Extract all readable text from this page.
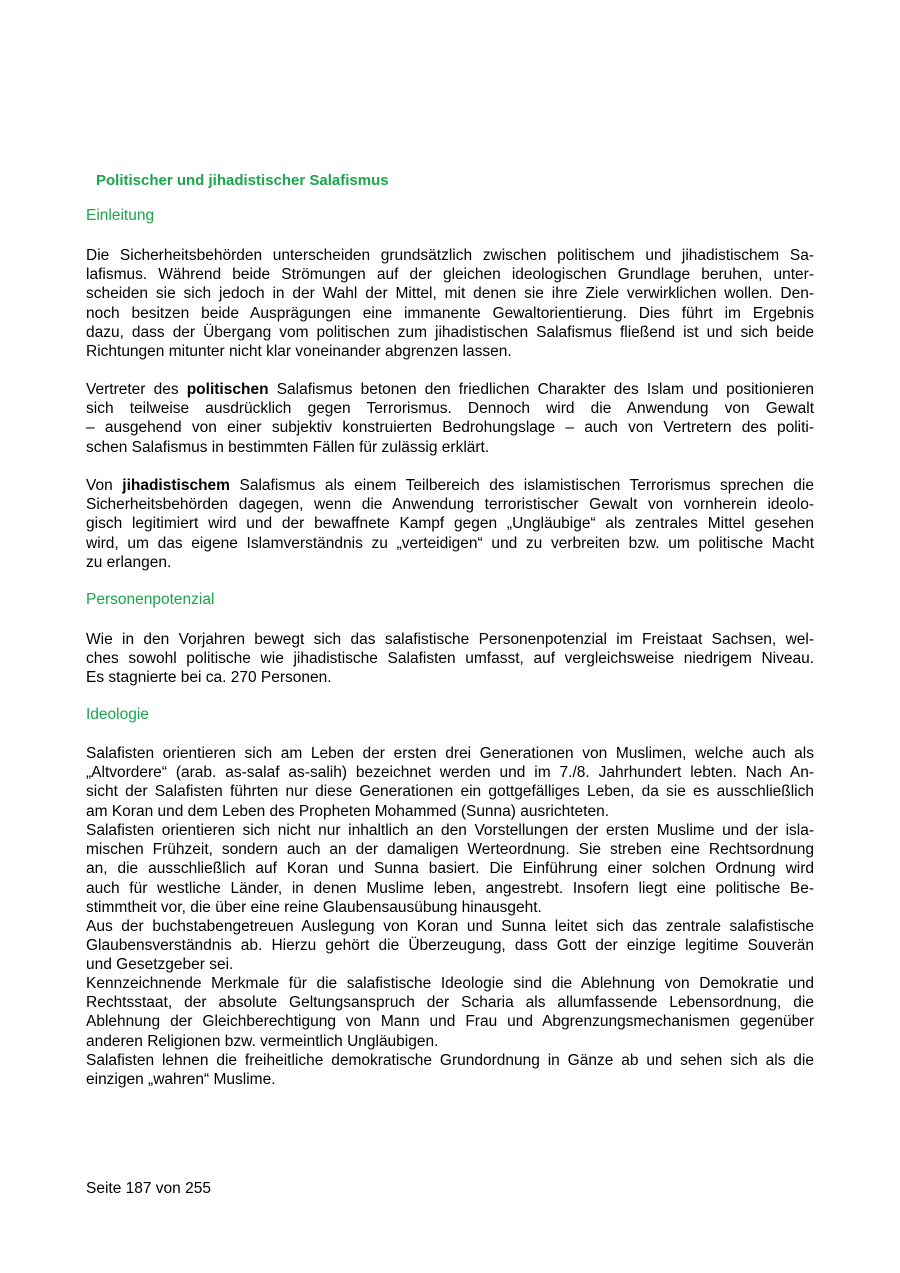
Politischer und jihadistischer Salafismus
Einleitung

Die Sicherheitsbehörden unterscheiden grundsätzlich zwischen politischem und jihadistischem Sa-
lafismus. Während beide Strömungen auf der gleichen ideologischen Grundlage beruhen, unter-
scheiden sie sich jedoch in der Wahl der Mittel, mit denen sie ihre Ziele verwirklichen wollen. Den-
noch besitzen beide Ausprägungen eine immanente Gewaltorientierung. Dies führt im Ergebnis
dazu, dass der Übergang vom politischen zum jihadistischen Salafismus fließend ist und sich beide
Richtungen mitunter nicht klar voneinander abgrenzen lassen.

Vertreter des politischen Salafismus betonen den friedlichen Charakter des Islam und positionieren
sich teilweise ausdrücklich gegen Terrorismus. Dennoch wird die Anwendung von Gewalt
– ausgehend von einer subjektiv konstruierten Bedrohungslage – auch von Vertretern des politi-
schen Salafismus in bestimmten Fällen für zulässig erklärt.

Von jihadistischem Salafismus als einem Teilbereich des islamistischen Terrorismus sprechen die
Sicherheitsbehörden dagegen, wenn die Anwendung terroristischer Gewalt von vornherein ideolo-
gisch legitimiert wird und der bewaffnete Kampf gegen „Ungläubige“ als zentrales Mittel gesehen
wird, um das eigene Islamverständnis zu „verteidigen“ und zu verbreiten bzw. um politische Macht
zu erlangen.

Personenpotenzial

Wie in den Vorjahren bewegt sich das salafistische Personenpotenzial im Freistaat Sachsen, wel-
ches sowohl politische wie jihadistische Salafisten umfasst, auf vergleichsweise niedrigem Niveau.
Es stagnierte bei ca. 270 Personen.

Ideologie

Salafisten orientieren sich am Leben der ersten drei Generationen von Muslimen, welche auch als
„Altvordere“ (arab. as-salaf as-salih) bezeichnet werden und im 7./8. Jahrhundert lebten. Nach An-
sicht der Salafisten führten nur diese Generationen ein gottgefälliges Leben, da sie es ausschließlich
am Koran und dem Leben des Propheten Mohammed (Sunna) ausrichteten.

Salafisten orientieren sich nicht nur inhaltlich an den Vorstellungen der ersten Muslime und der isla-
mischen Frühzeit, sondern auch an der damaligen Werteordnung. Sie streben eine Rechtsordnung
an, die ausschließlich auf Koran und Sunna basiert. Die Einführung einer solchen Ordnung wird
auch für westliche Länder, in denen Muslime leben, angestrebt. Insofern liegt eine politische Be-
stimmtheit vor, die über eine reine Glaubensausübung hinausgeht.

Aus der buchstabengetreuen Auslegung von Koran und Sunna leitet sich das zentrale salafistische
Glaubensverständnis ab. Hierzu gehört die Überzeugung, dass Gott der einzige legitime Souverän
und Gesetzgeber sei.

Kennzeichnende Merkmale für die salafistische Ideologie sind die Ablehnung von Demokratie und
Rechtsstaat, der absolute Geltungsanspruch der Scharia als allumfassende Lebensordnung, die
Ablehnung der Gleichberechtigung von Mann und Frau und Abgrenzungsmechanismen gegenüber
anderen Religionen bzw. vermeintlich Ungläubigen.

Salafisten lehnen die freiheitliche demokratische Grundordnung in Gänze ab und sehen sich als die
einzigen „wahren“ Muslime.

Seite 187 von 255
